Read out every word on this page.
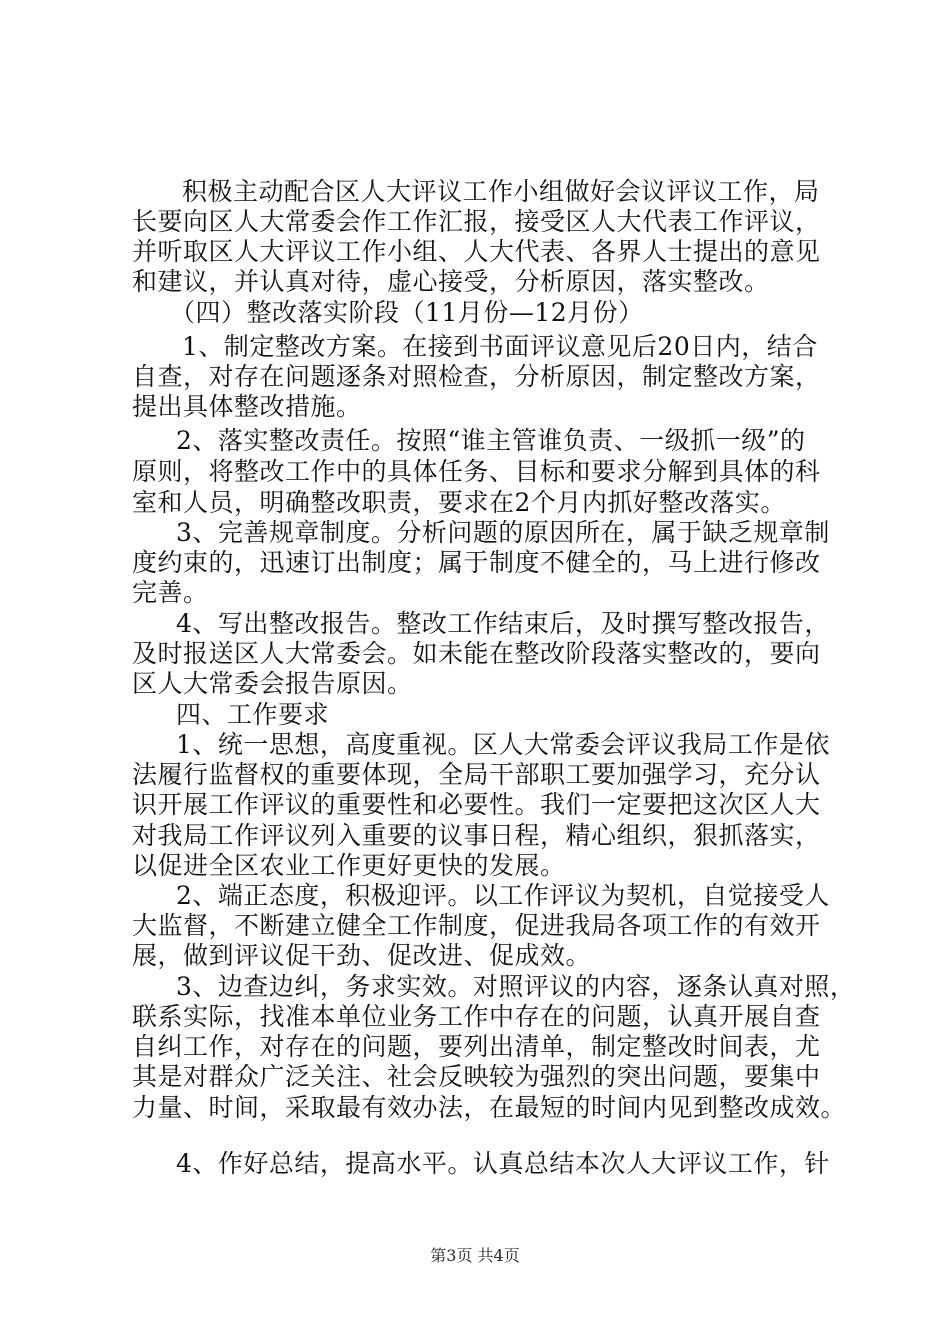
积极主动配合区人大评议工作小组做好会议评议工作，局
长要向区人大常委会作工作汇报，接受区人大代表工作评议，
并听取区人大评议工作小组、人大代表、各界人士提出的意见
和建议，并认真对待，虚心接受，分析原因，落实整改。
（四）整改落实阶段（11月份—12月份）
1、制定整改方案。在接到书面评议意见后20日内，结合
自查，对存在问题逐条对照检查，分析原因，制定整改方案，
提出具体整改措施。
2、落实整改责任。按照“谁主管谁负责、一级抓一级”的
原则，将整改工作中的具体任务、目标和要求分解到具体的科
室和人员，明确整改职责，要求在2个月内抓好整改落实。
3、完善规章制度。分析问题的原因所在，属于缺乏规章制
度约束的，迅速订出制度；属于制度不健全的，马上进行修改
完善。
4、写出整改报告。整改工作结束后，及时撰写整改报告，
及时报送区人大常委会。如未能在整改阶段落实整改的，要向
区人大常委会报告原因。
四、工作要求
1、统一思想，高度重视。区人大常委会评议我局工作是依
法履行监督权的重要体现，全局干部职工要加强学习，充分认
识开展工作评议的重要性和必要性。我们一定要把这次区人大
对我局工作评议列入重要的议事日程，精心组织，狠抓落实，
以促进全区农业工作更好更快的发展。
2、端正态度，积极迎评。以工作评议为契机，自觉接受人
大监督，不断建立健全工作制度，促进我局各项工作的有效开
展，做到评议促干劲、促改进、促成效。
3、边查边纠，务求实效。对照评议的内容，逐条认真对照，
联系实际，找准本单位业务工作中存在的问题，认真开展自查
自纠工作，对存在的问题，要列出清单，制定整改时间表，尤
其是对群众广泛关注、社会反映较为强烈的突出问题，要集中
力量、时间，采取最有效办法，在最短的时间内见到整改成效。
4、作好总结，提高水平。认真总结本次人大评议工作，针
第3页 共4页
